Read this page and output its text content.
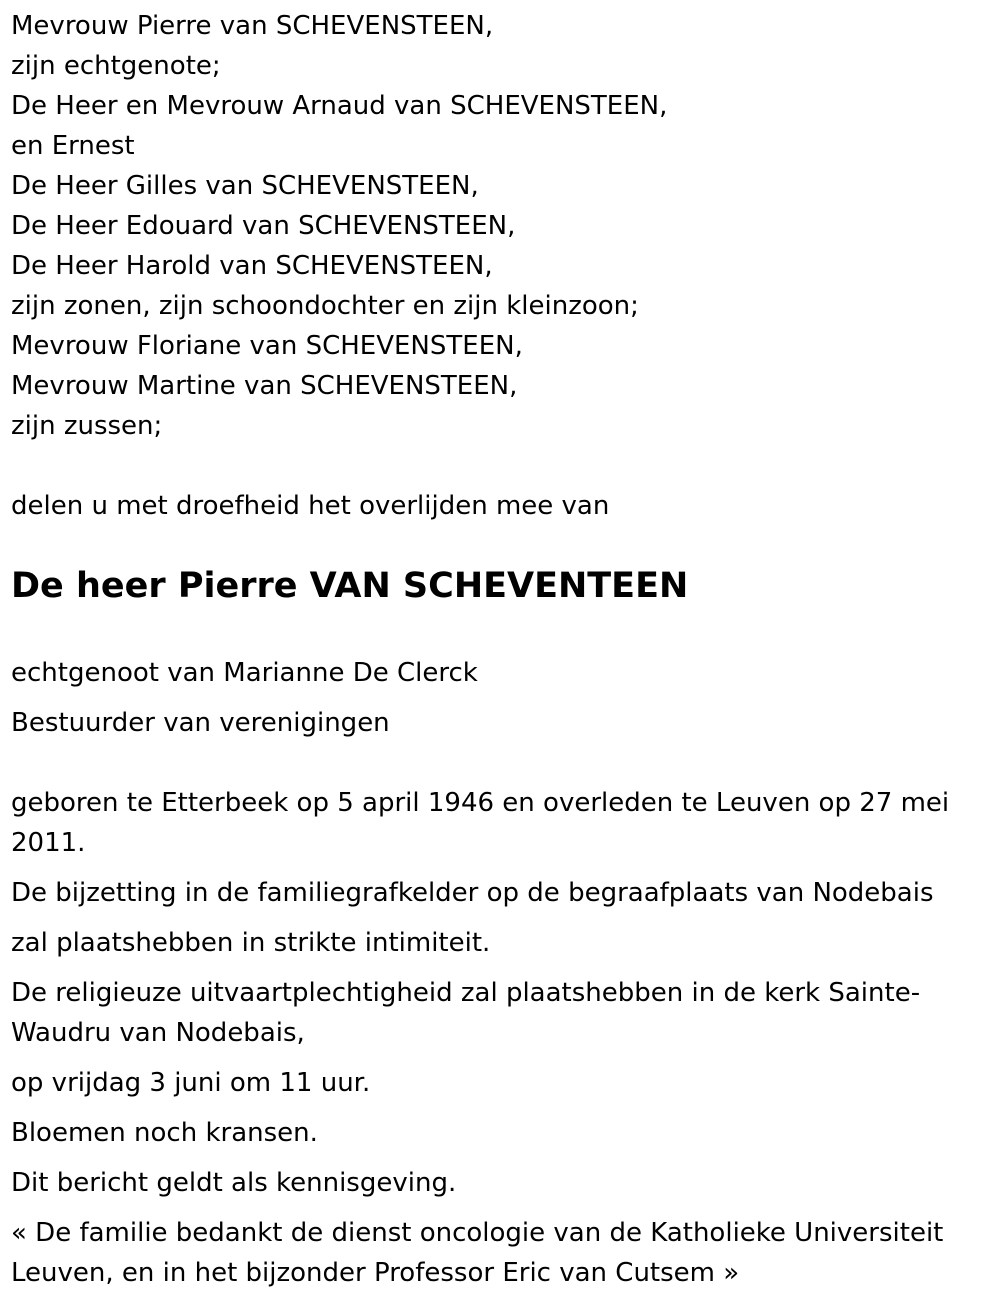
Mevrouw Pierre van SCHEVENSTEEN,
zijn echtgenote;
De Heer en Mevrouw Arnaud van SCHEVENSTEEN,
en Ernest
De Heer Gilles van SCHEVENSTEEN,
De Heer Edouard van SCHEVENSTEEN,
De Heer Harold van SCHEVENSTEEN,
zijn zonen, zijn schoondochter en zijn kleinzoon;
Mevrouw Floriane van SCHEVENSTEEN,
Mevrouw Martine van SCHEVENSTEEN,
zijn zussen;

delen u met droefheid het overlijden mee van

De heer Pierre VAN SCHEVENTEEN

echtgenoot van Marianne De Clerck

Bestuurder van verenigingen

geboren te Etterbeek op 5 april 1946 en overleden te Leuven op 27 mei 2011.

De bijzetting in de familiegrafkelder op de begraafplaats van Nodebais

zal plaatshebben in strikte intimiteit.

De religieuze uitvaartplechtigheid zal plaatshebben in de kerk Sainte-Waudru van Nodebais,

op vrijdag 3 juni om 11 uur.

Bloemen noch kransen.

Dit bericht geldt als kennisgeving.

« De familie bedankt de dienst oncologie van de Katholieke Universiteit Leuven, en in het bijzonder Professor Eric van Cutsem »
